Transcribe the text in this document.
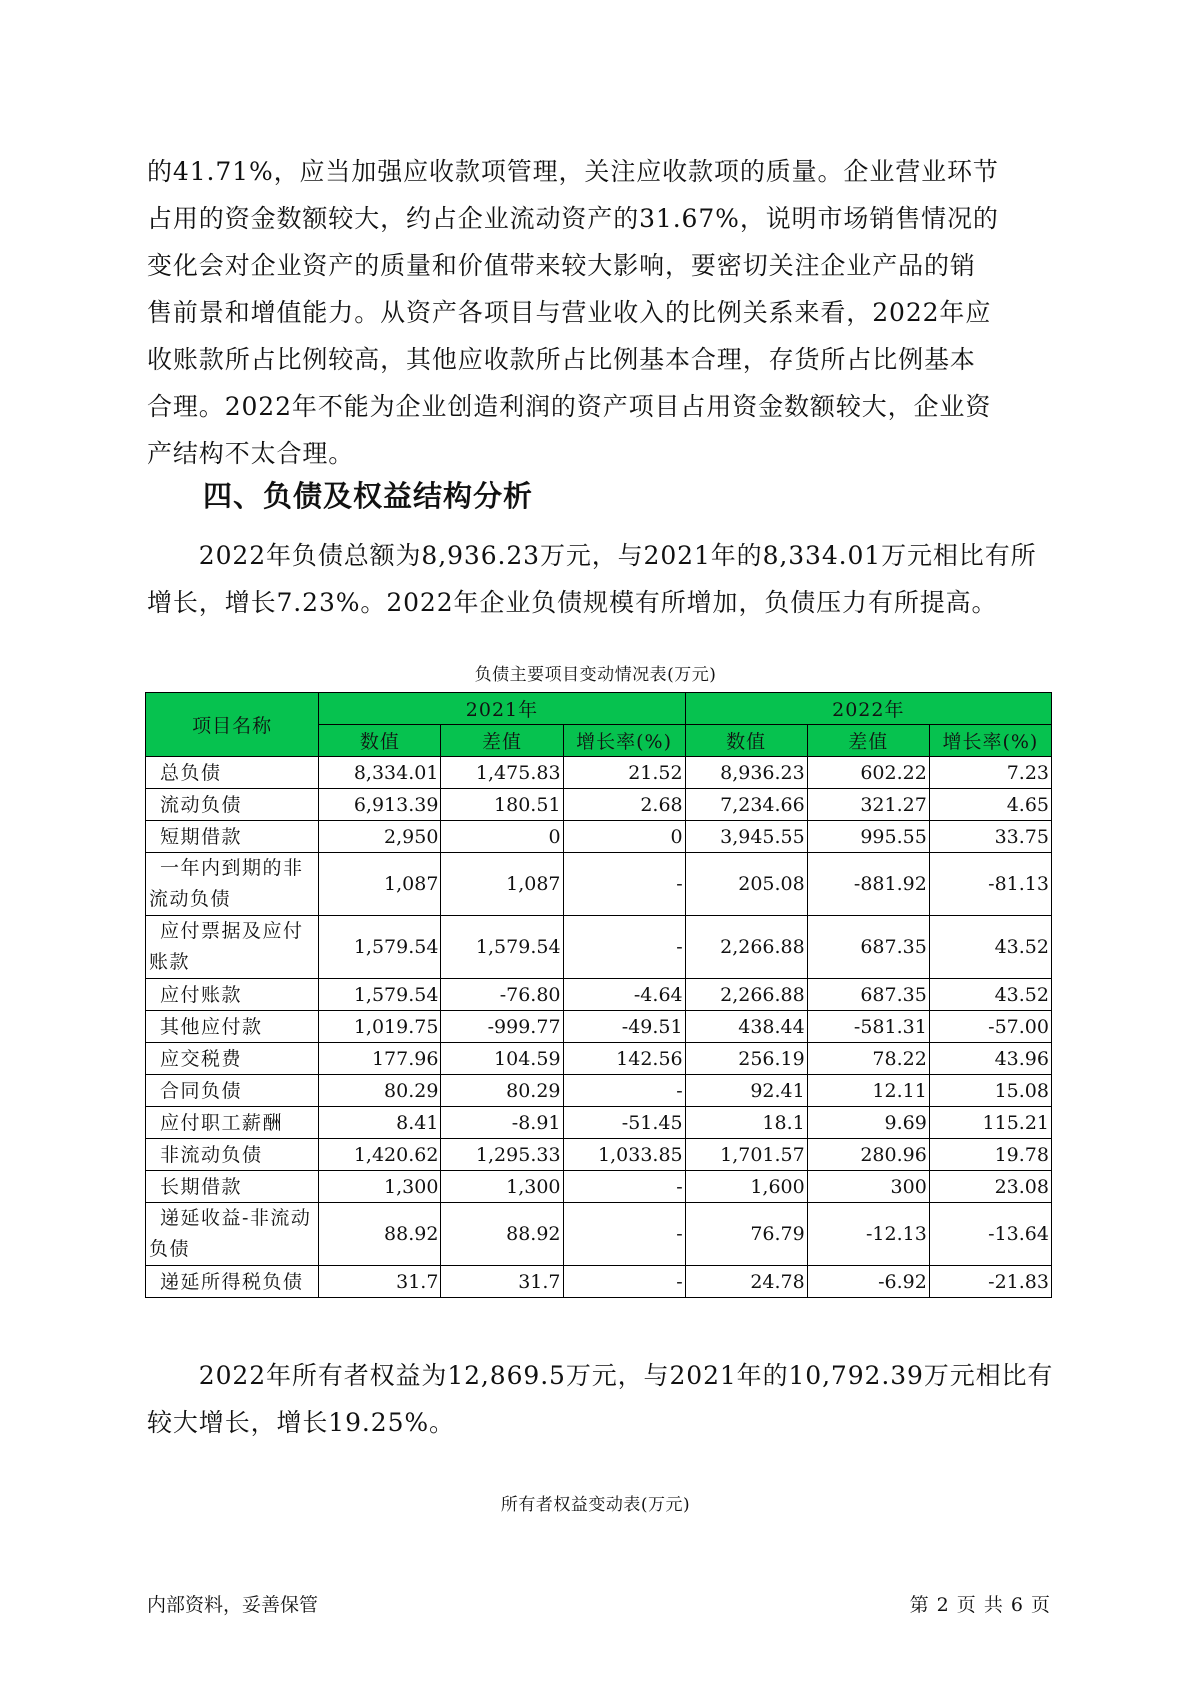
的41.71%，应当加强应收款项管理，关注应收款项的质量。企业营业环节

占用的资金数额较大，约占企业流动资产的31.67%，说明市场销售情况的

变化会对企业资产的质量和价值带来较大影响，要密切关注企业产品的销

售前景和增值能力。从资产各项目与营业收入的比例关系来看，2022年应

收账款所占比例较高，其他应收款所占比例基本合理，存货所占比例基本

合理。2022年不能为企业创造利润的资产项目占用资金数额较大，企业资

产结构不太合理。

四、负债及权益结构分析

　　2022年负债总额为8,936.23万元，与2021年的8,334.01万元相比有所

增长，增长7.23%。2022年企业负债规模有所增加，负债压力有所提高。

负债主要项目变动情况表(万元)

项目名称	2021年			2022年		
	数值	差值	增长率(%)	数值	差值	增长率(%)
总负债	8,334.01	1,475.83	21.52	8,936.23	602.22	7.23
流动负债	6,913.39	180.51	2.68	7,234.66	321.27	4.65
短期借款	2,950	0	0	3,945.55	995.55	33.75
一年内到期的非流动负债	1,087	1,087	-	205.08	-881.92	-81.13
应付票据及应付账款	1,579.54	1,579.54	-	2,266.88	687.35	43.52
应付账款	1,579.54	-76.80	-4.64	2,266.88	687.35	43.52
其他应付款	1,019.75	-999.77	-49.51	438.44	-581.31	-57.00
应交税费	177.96	104.59	142.56	256.19	78.22	43.96
合同负债	80.29	80.29	-	92.41	12.11	15.08
应付职工薪酬	8.41	-8.91	-51.45	18.1	9.69	115.21
非流动负债	1,420.62	1,295.33	1,033.85	1,701.57	280.96	19.78
长期借款	1,300	1,300	-	1,600	300	23.08
递延收益-非流动负债	88.92	88.92	-	76.79	-12.13	-13.64
递延所得税负债	31.7	31.7	-	24.78	-6.92	-21.83

　　2022年所有者权益为12,869.5万元，与2021年的10,792.39万元相比有

较大增长，增长19.25%。

所有者权益变动表(万元)

内部资料，妥善保管	第 2 页 共 6 页
